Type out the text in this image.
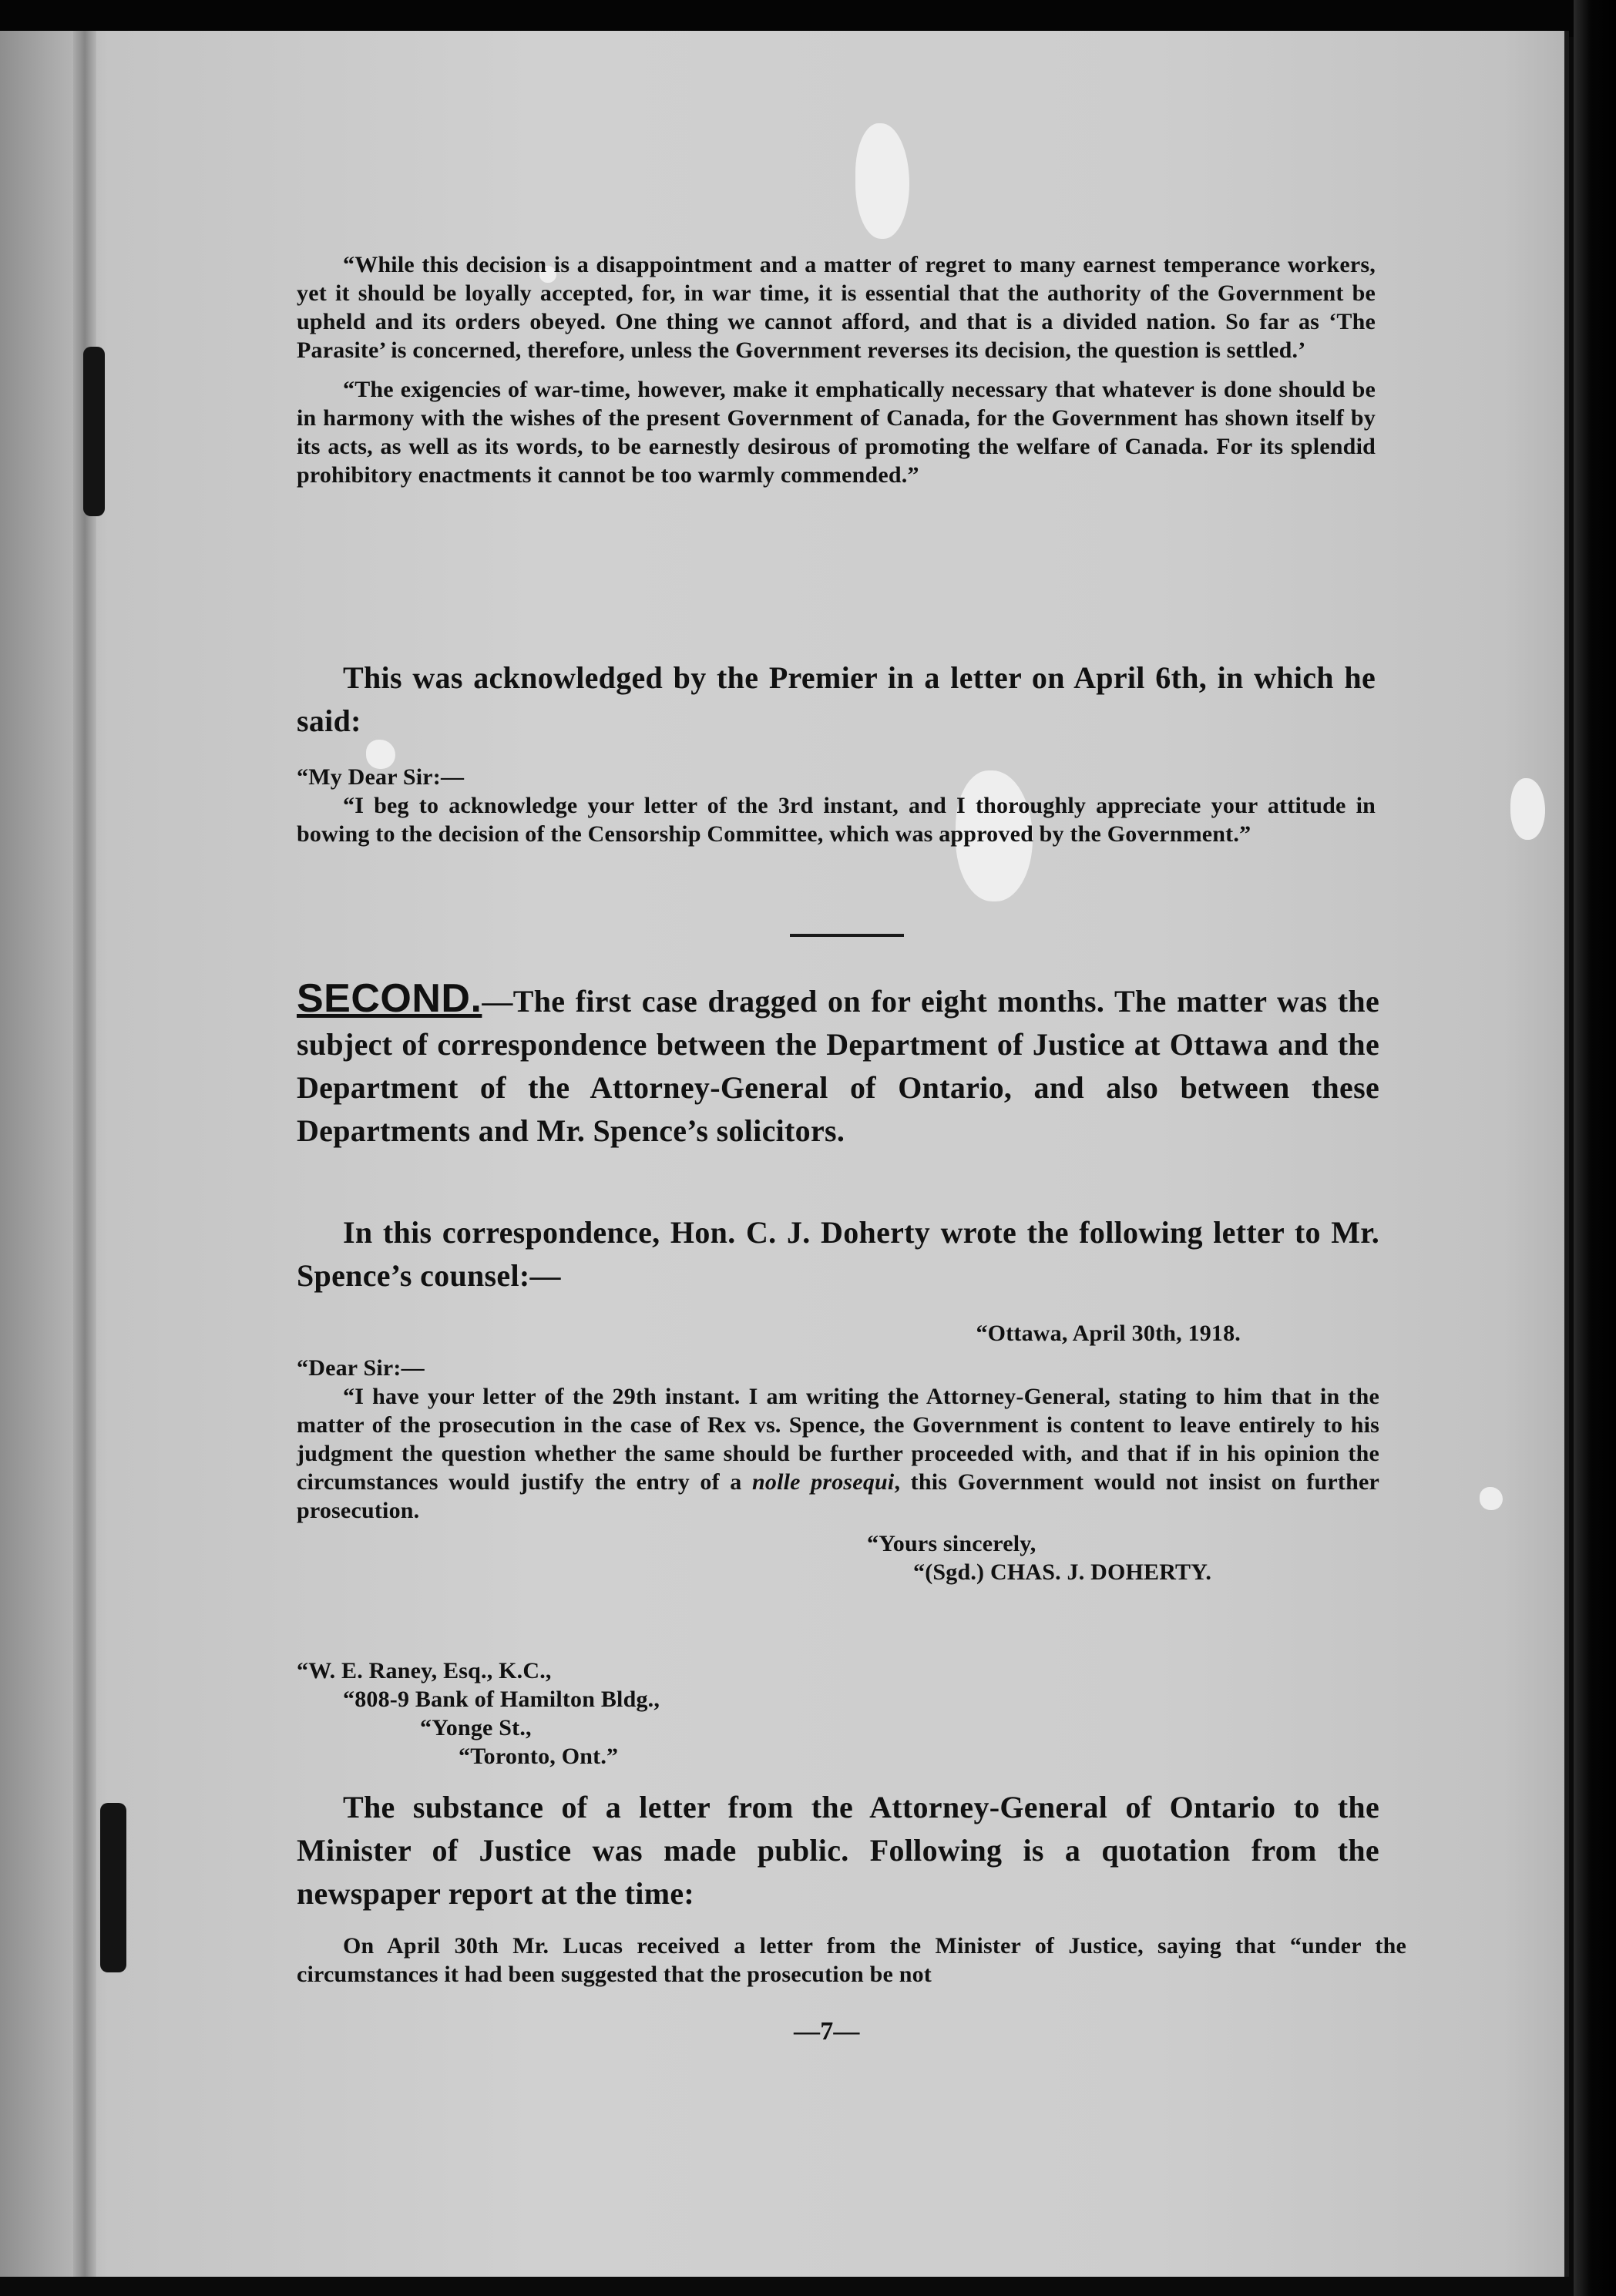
“While this decision is a disappointment and a matter of regret to many earnest temperance workers, yet it should be loyally accepted, for, in war time, it is essential that the authority of the Government be upheld and its orders obeyed. One thing we cannot afford, and that is a divided nation. So far as ‘The Parasite’ is concerned, therefore, unless the Government reverses its decision, the question is settled.’

“The exigencies of war-time, however, make it emphatically necessary that whatever is done should be in harmony with the wishes of the present Government of Canada, for the Government has shown itself by its acts, as well as its words, to be earnestly desirous of promoting the welfare of Canada. For its splendid prohibitory enactments it cannot be too warmly commended.”

This was acknowledged by the Premier in a letter on April 6th, in which he said:

“My Dear Sir:—

“I beg to acknowledge your letter of the 3rd instant, and I thoroughly appreciate your attitude in bowing to the decision of the Censorship Committee, which was approved by the Government.”

SECOND.—The first case dragged on for eight months. The matter was the subject of correspondence between the Department of Justice at Ottawa and the Department of the Attorney-General of Ontario, and also between these Departments and Mr. Spence’s solicitors.

In this correspondence, Hon. C. J. Doherty wrote the following letter to Mr. Spence’s counsel:—

“Ottawa, April 30th, 1918.

“Dear Sir:—

“I have your letter of the 29th instant. I am writing the Attorney-General, stating to him that in the matter of the prosecution in the case of Rex vs. Spence, the Government is content to leave entirely to his judgment the question whether the same should be further proceeded with, and that if in his opinion the circumstances would justify the entry of a nolle prosequi, this Government would not insist on further prosecution.

“Yours sincerely,

“(Sgd.) CHAS. J. DOHERTY.

“W. E. Raney, Esq., K.C.,

“808-9 Bank of Hamilton Bldg.,

“Yonge St.,

“Toronto, Ont.”

The substance of a letter from the Attorney-General of Ontario to the Minister of Justice was made public. Following is a quotation from the newspaper report at the time:

On April 30th Mr. Lucas received a letter from the Minister of Justice, saying that “under the circumstances it had been suggested that the prosecution be not

—7—
